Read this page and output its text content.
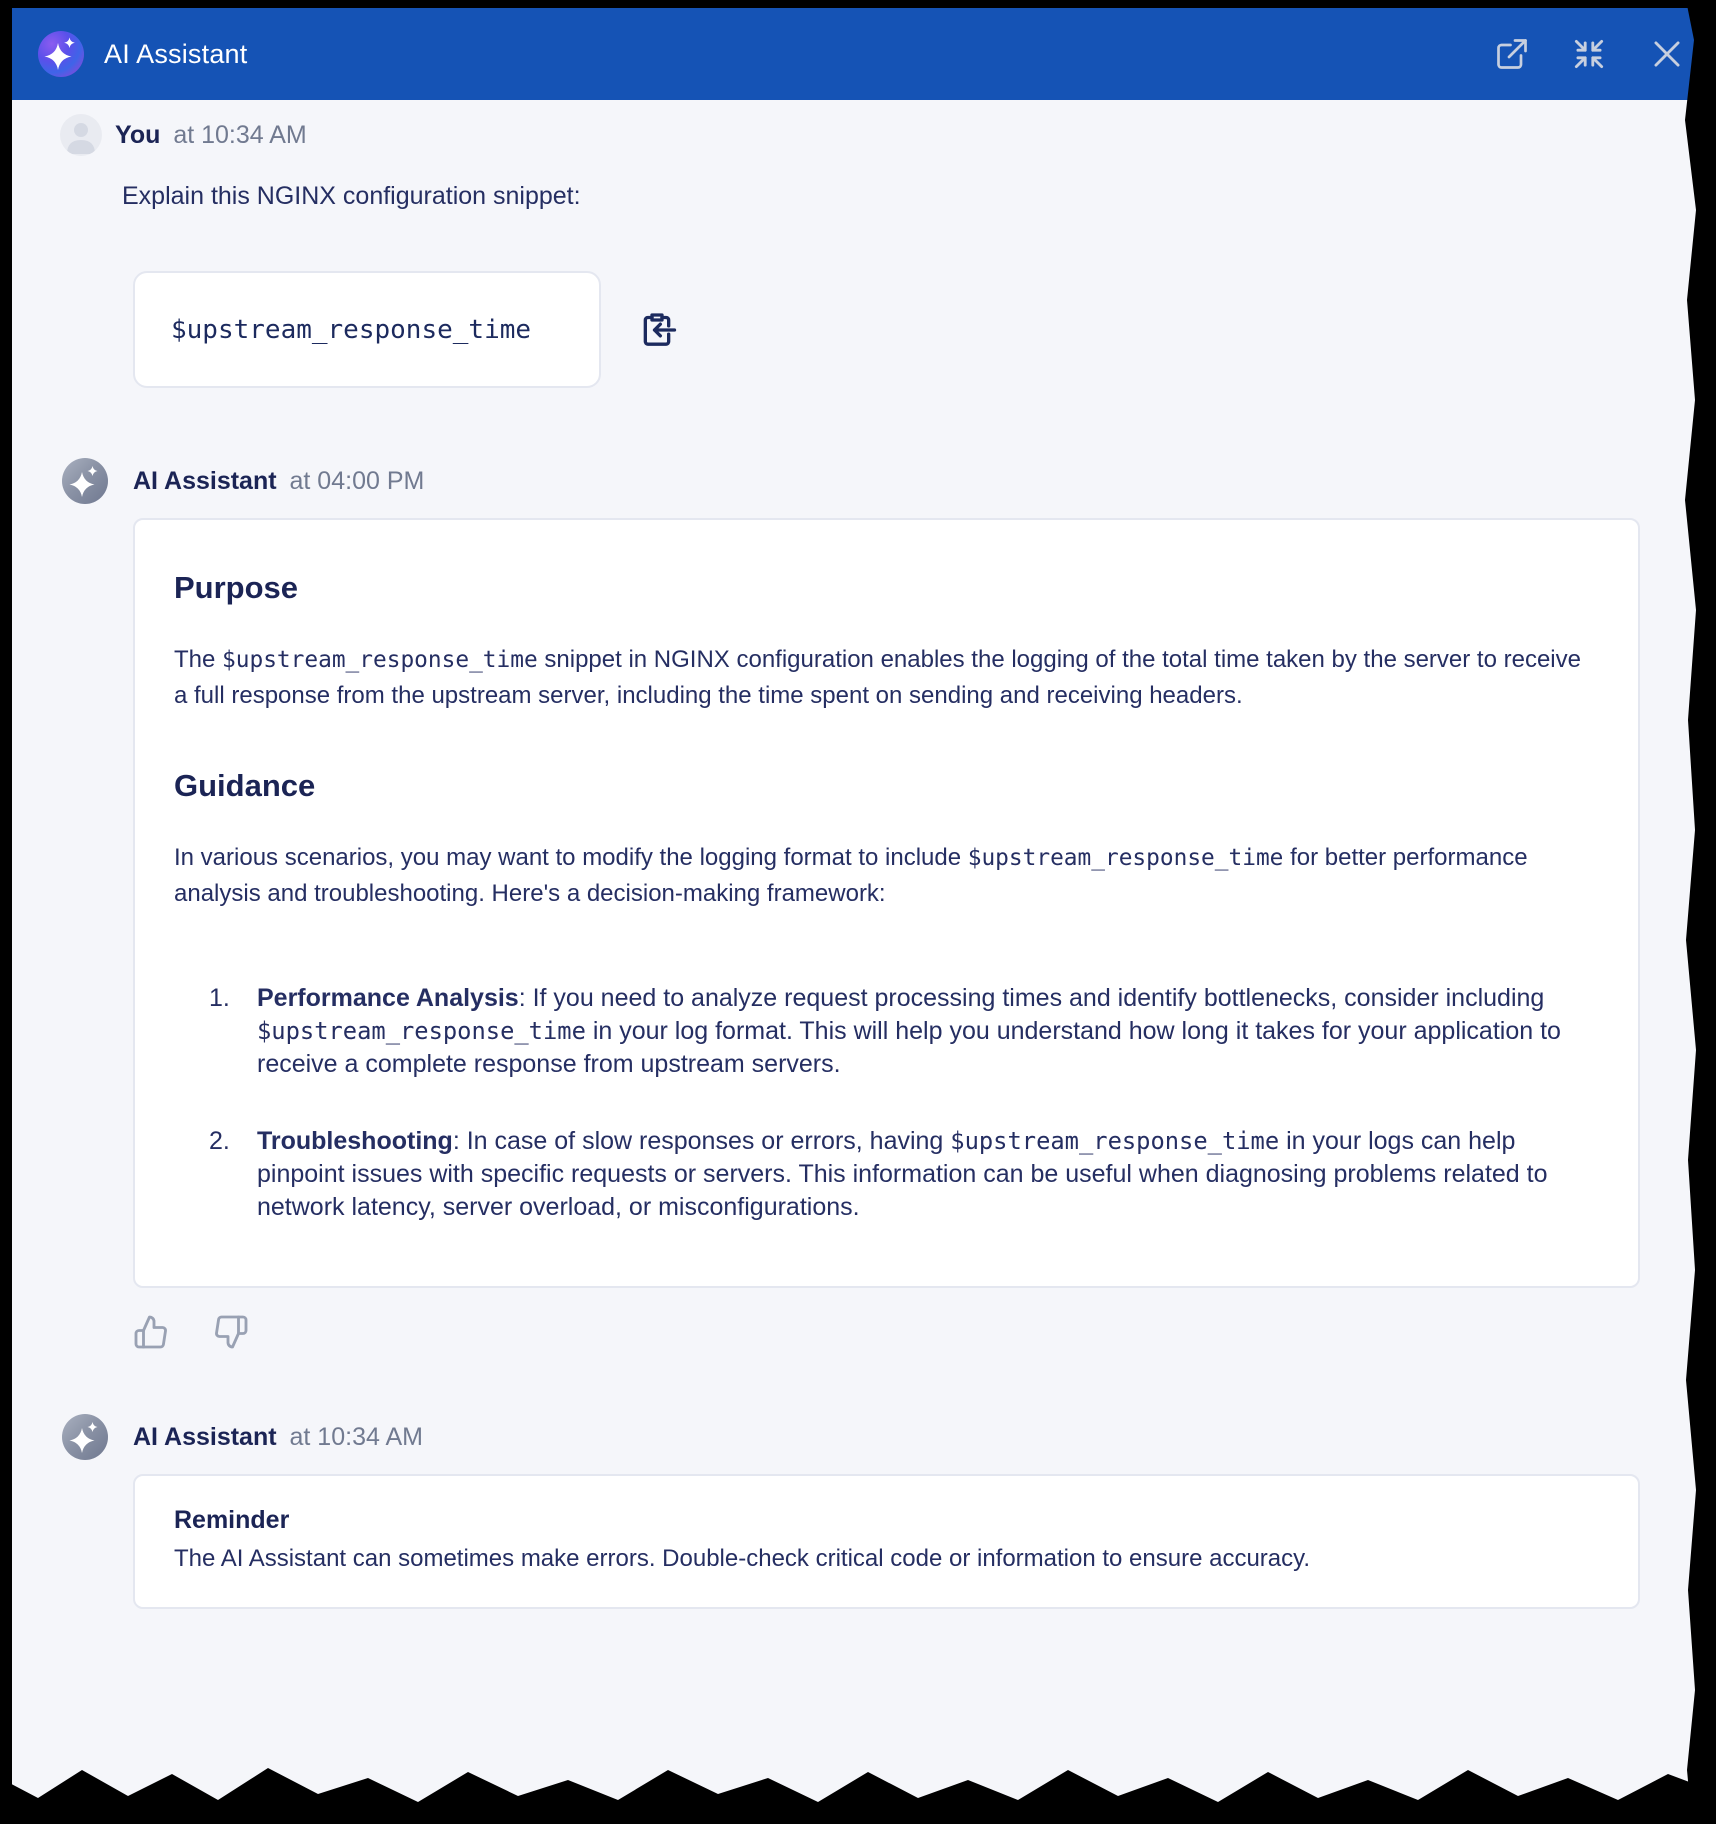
AI Assistant
You at 10:34 AM

Explain this NGINX configuration snippet:

$upstream_response_time
AI Assistant at 04:00 PM
Purpose

The $upstream_response_time snippet in NGINX configuration enables the logging of the total time taken by the server to receive a full response from the upstream server, including the time spent on sending and receiving headers.

Guidance

In various scenarios, you may want to modify the logging format to include $upstream_response_time for better performance analysis and troubleshooting. Here's a decision-making framework:

1.	Performance Analysis: If you need to analyze request processing times and identify bottlenecks, consider including $upstream_response_time in your log format. This will help you understand how long it takes for your application to receive a complete response from upstream servers.
2.	Troubleshooting: In case of slow responses or errors, having $upstream_response_time in your logs can help pinpoint issues with specific requests or servers. This information can be useful when diagnosing problems related to network latency, server overload, or misconfigurations.
AI Assistant at 10:34 AM
Reminder

The AI Assistant can sometimes make errors. Double-check critical code or information to ensure accuracy.
